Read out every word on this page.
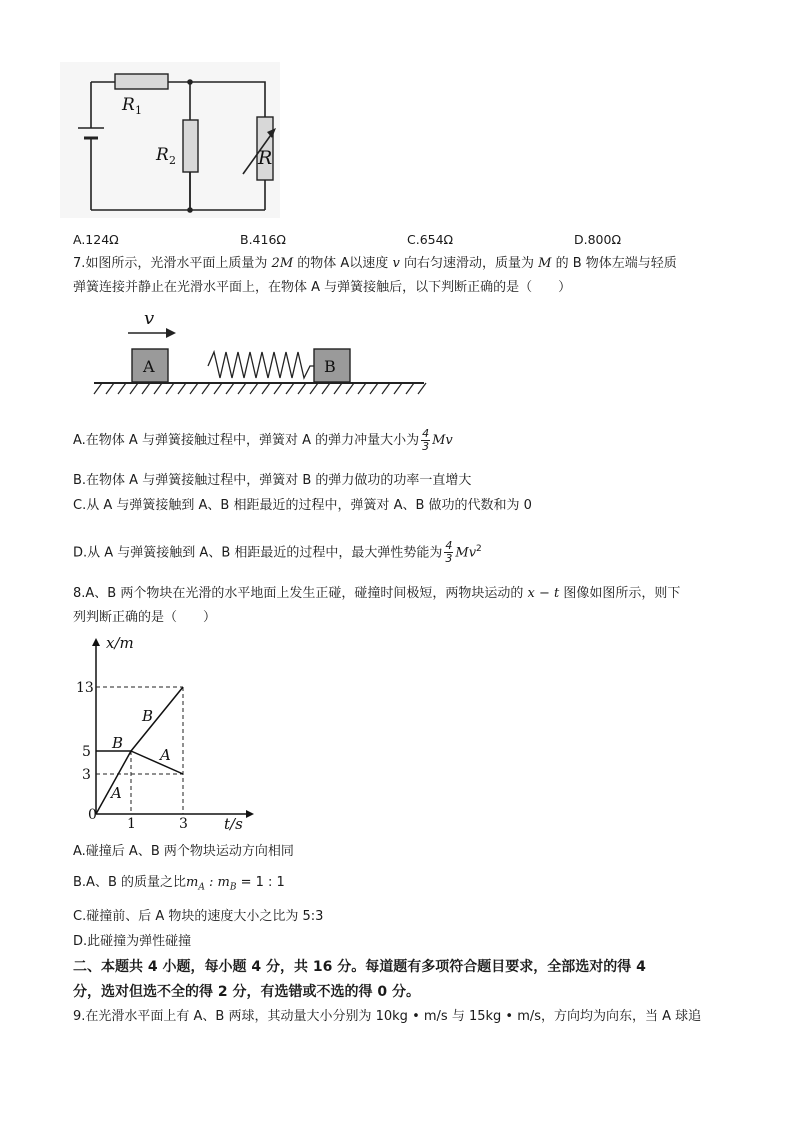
R 1
R 2	R
A.124Ω	B.416Ω	C.654Ω	D.800Ω
7.如图所示，光滑水平面上质量为 2M 的物体 A以速度 v 向右匀速滑动，质量为 M 的 B 物体左端与轻质
弹簧连接并静止在光滑水平面上，在物体 A 与弹簧接触后，以下判断正确的是（　　）
v
A	B
A.在物体 A 与弹簧接触过程中，弹簧对 A 的弹力冲量大小为 $\frac{4}{3}$ Mv
B.在物体 A 与弹簧接触过程中，弹簧对 B 的弹力做功的功率一直增大
C.从 A 与弹簧接触到 A、B 相距最近的过程中，弹簧对 A、B 做功的代数和为 0
D.从 A 与弹簧接触到 A、B 相距最近的过程中，最大弹性势能为 $\frac{4}{3} Mv^2$
8.A、B 两个物块在光滑的水平地面上发生正碰，碰撞时间极短，两物块运动的 x − t 图像如图所示，则下
列判断正确的是（　　）
x/m
t/s
0
13
5
3
1	3
B
B
A
A
A.碰撞后 A、B 两个物块运动方向相同
B.A、B 的质量之比$m_A$ : $m_B = 1$ : 1
C.碰撞前、后 A 物块的速度大小之比为 5:3
D.此碰撞为弹性碰撞
二、本题共 4 小题，每小题 4 分，共 16 分。每道题有多项符合题目要求，全部选对的得 4
分，选对但选不全的得 2 分，有选错或不选的得 0 分。
9.在光滑水平面上有 A、B 两球，其动量大小分别为 10kg • m/s 与 15kg • m/s，方向均为向东，当 A 球追
